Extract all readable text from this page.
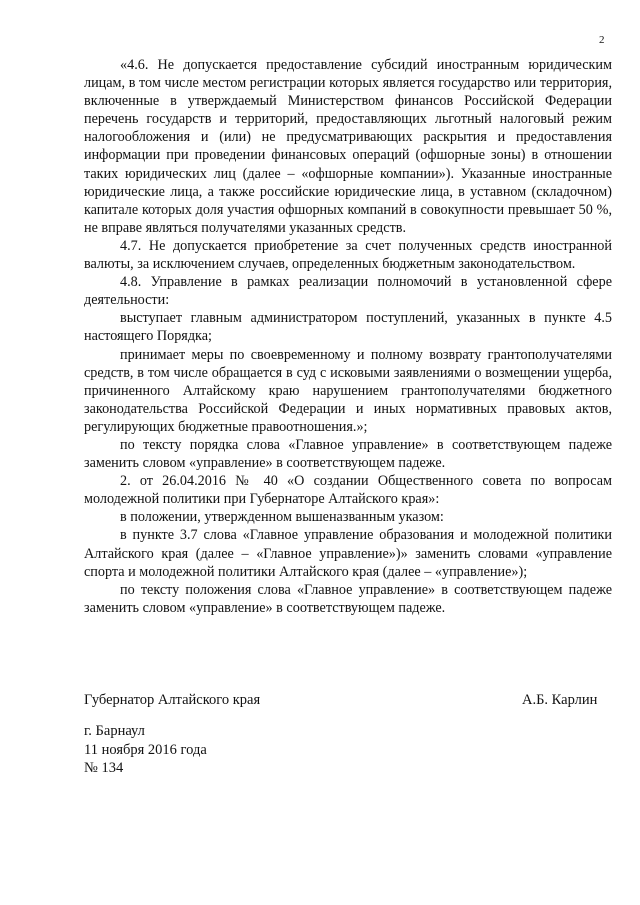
2

«4.6. Не допускается предоставление субсидий иностранным юридическим лицам, в том числе местом регистрации которых является государство или территория, включенные в утверждаемый Министерством финансов Российской Федерации перечень государств и территорий, предоставляющих льготный налоговый режим налогообложения и (или) не предусматривающих раскрытия и предоставления информации при проведении финансовых операций (офшорные зоны) в отношении таких юридических лиц (далее – «офшорные компании»). Указанные иностранные юридические лица, а также российские юридические лица, в уставном (складочном) капитале которых доля участия офшорных компаний в совокупности превышает 50 %, не вправе являться получателями указанных средств.

4.7. Не допускается приобретение за счет полученных средств иностранной валюты, за исключением случаев, определенных бюджетным законодательством.

4.8. Управление в рамках реализации полномочий в установленной сфере деятельности:

выступает главным администратором поступлений, указанных в пункте 4.5 настоящего Порядка;

принимает меры по своевременному и полному возврату грантополучателями средств, в том числе обращается в суд с исковыми заявлениями о возмещении ущерба, причиненного Алтайскому краю нарушением грантополучателями бюджетного законодательства Российской Федерации и иных нормативных правовых актов, регулирующих бюджетные правоотношения.»;

по тексту порядка слова «Главное управление» в соответствующем падеже заменить словом «управление» в соответствующем падеже.

2. от 26.04.2016 № 40 «О создании Общественного совета по вопросам молодежной политики при Губернаторе Алтайского края»:

в положении, утвержденном вышеназванным указом:

в пункте 3.7 слова «Главное управление образования и молодежной политики Алтайского края (далее – «Главное управление»)» заменить словами «управление спорта и молодежной политики Алтайского края (далее – «управление»);

по тексту положения слова «Главное управление» в соответствующем падеже заменить словом «управление» в соответствующем падеже.

Губернатор Алтайского края	А.Б. Карлин
г. Барнаул
11 ноября 2016 года
№ 134
